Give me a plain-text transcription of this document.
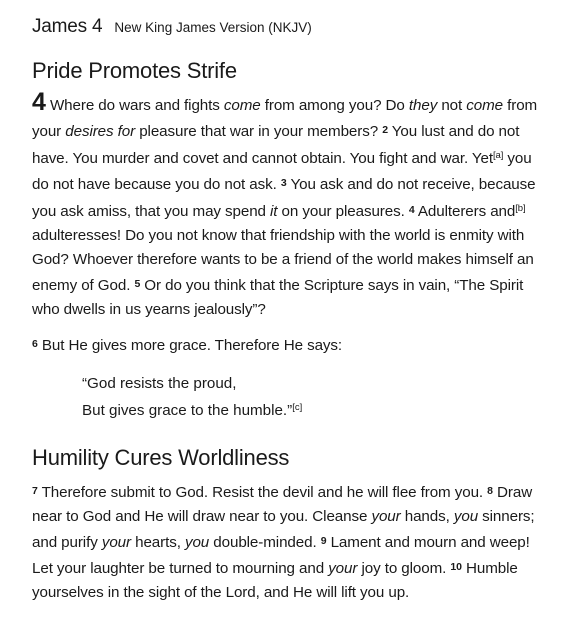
James 4 New King James Version (NKJV)
Pride Promotes Strife

4 Where do wars and fights come from among you? Do they not come from your desires for pleasure that war in your members? 2 You lust and do not have. You murder and covet and cannot obtain. You fight and war. Yet[a] you do not have because you do not ask. 3 You ask and do not receive, because you ask amiss, that you may spend it on your pleasures. 4 Adulterers and[b] adulteresses! Do you not know that friendship with the world is enmity with God? Whoever therefore wants to be a friend of the world makes himself an enemy of God. 5 Or do you think that the Scripture says in vain, “The Spirit who dwells in us yearns jealously”?

6 But He gives more grace. Therefore He says:

“God resists the proud,
But gives grace to the humble.”[c]
Humility Cures Worldliness

7 Therefore submit to God. Resist the devil and he will flee from you. 8 Draw near to God and He will draw near to you. Cleanse your hands, you sinners; and purify your hearts, you double-minded. 9 Lament and mourn and weep! Let your laughter be turned to mourning and your joy to gloom. 10 Humble yourselves in the sight of the Lord, and He will lift you up.
